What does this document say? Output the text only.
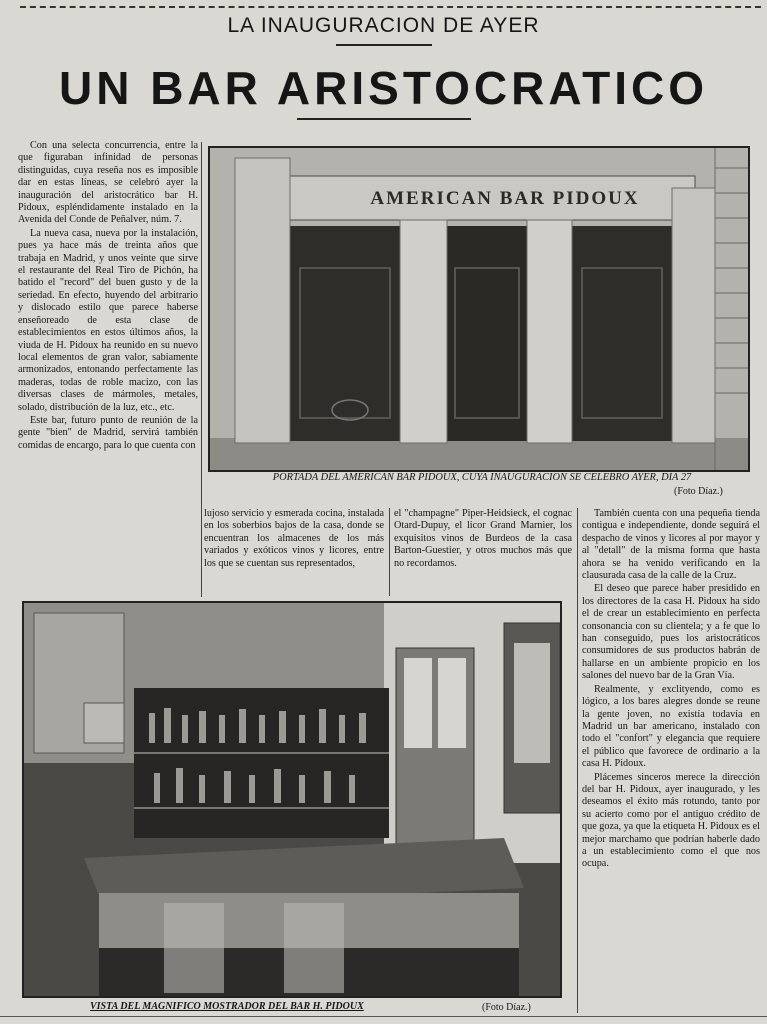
LA INAUGURACION DE AYER
UN BAR ARISTOCRATICO

Con una selecta concurrencia, entre la que figuraban infinidad de personas distinguidas, cuya reseña nos es imposible dar en estas líneas, se celebró ayer la inauguración del aristocrático bar H. Pidoux, espléndidamente instalado en la Avenida del Conde de Peñalver, núm. 7.

La nueva casa, nueva por la instalación, pues ya hace más de treinta años que trabaja en Madrid, y unos veinte que sirve el restaurante del Real Tiro de Pichón, ha batido el "record" del buen gusto y de la seriedad. En efecto, huyendo del arbitrario y dislocado estilo que parece haberse enseñoreado de esta clase de establecimientos en estos últimos años, la viuda de H. Pidoux ha reunido en su nuevo local elementos de gran valor, sabiamente armonizados, entonando perfectamente las maderas, todas de roble macizo, con las diversas clases de mármoles, metales, solado, distribución de la luz, etc., etc.

Este bar, futuro punto de reunión de la gente "bien" de Madrid, servirá también comidas de encargo, para lo que cuenta con

AMERICAN BAR PIDOUX
PORTADA DEL AMERICAN BAR PIDOUX, CUYA INAUGURACION SE CELEBRO AYER, DIA 27
(Foto Díaz.)

lujoso servicio y esmerada cocina, instalada en los soberbios bajos de la casa, donde se encuentran los almacenes de los más variados y exóticos vinos y licores, entre los que se cuentan sus representados,

el "champagne" Piper-Heidsieck, el cognac Otard-Dupuy, el licor Grand Marnier, los exquisitos vinos de Burdeos de la casa Barton-Guestier, y otros muchos más que no recordamos.

También cuenta con una pequeña tienda contigua e independiente, donde seguirá el despacho de vinos y licores al por mayor y al "detall" de la misma forma que hasta ahora se ha venido verificando en la clausurada casa de la calle de la Cruz.

El deseo que parece haber presidido en los directores de la casa H. Pidoux ha sido el de crear un establecimiento en perfecta consonancia con su clientela; y a fe que lo han conseguido, pues los aristocráticos consumidores de sus productos habrán de hallarse en un ambiente propicio en los salones del nuevo bar de la Gran Vía.

Realmente, y exclityendo, como es lógico, a los bares alegres donde se reune la gente joven, no existía todavía en Madrid un bar americano, instalado con todo el "confort" y elegancia que requiere el público que favorece de ordinario a la casa H. Pidoux.

Plácemes sinceros merece la dirección del bar H. Pidoux, ayer inaugurado, y les deseamos el éxito más rotundo, tanto por su acierto como por el antiguo crédito de que goza, ya que la etiqueta H. Pidoux es el mejor marchamo que podrían haberle dado a un establecimiento como el que nos ocupa.

VISTA DEL MAGNIFICO MOSTRADOR DEL BAR H. PIDOUX	(Foto Díaz.)
